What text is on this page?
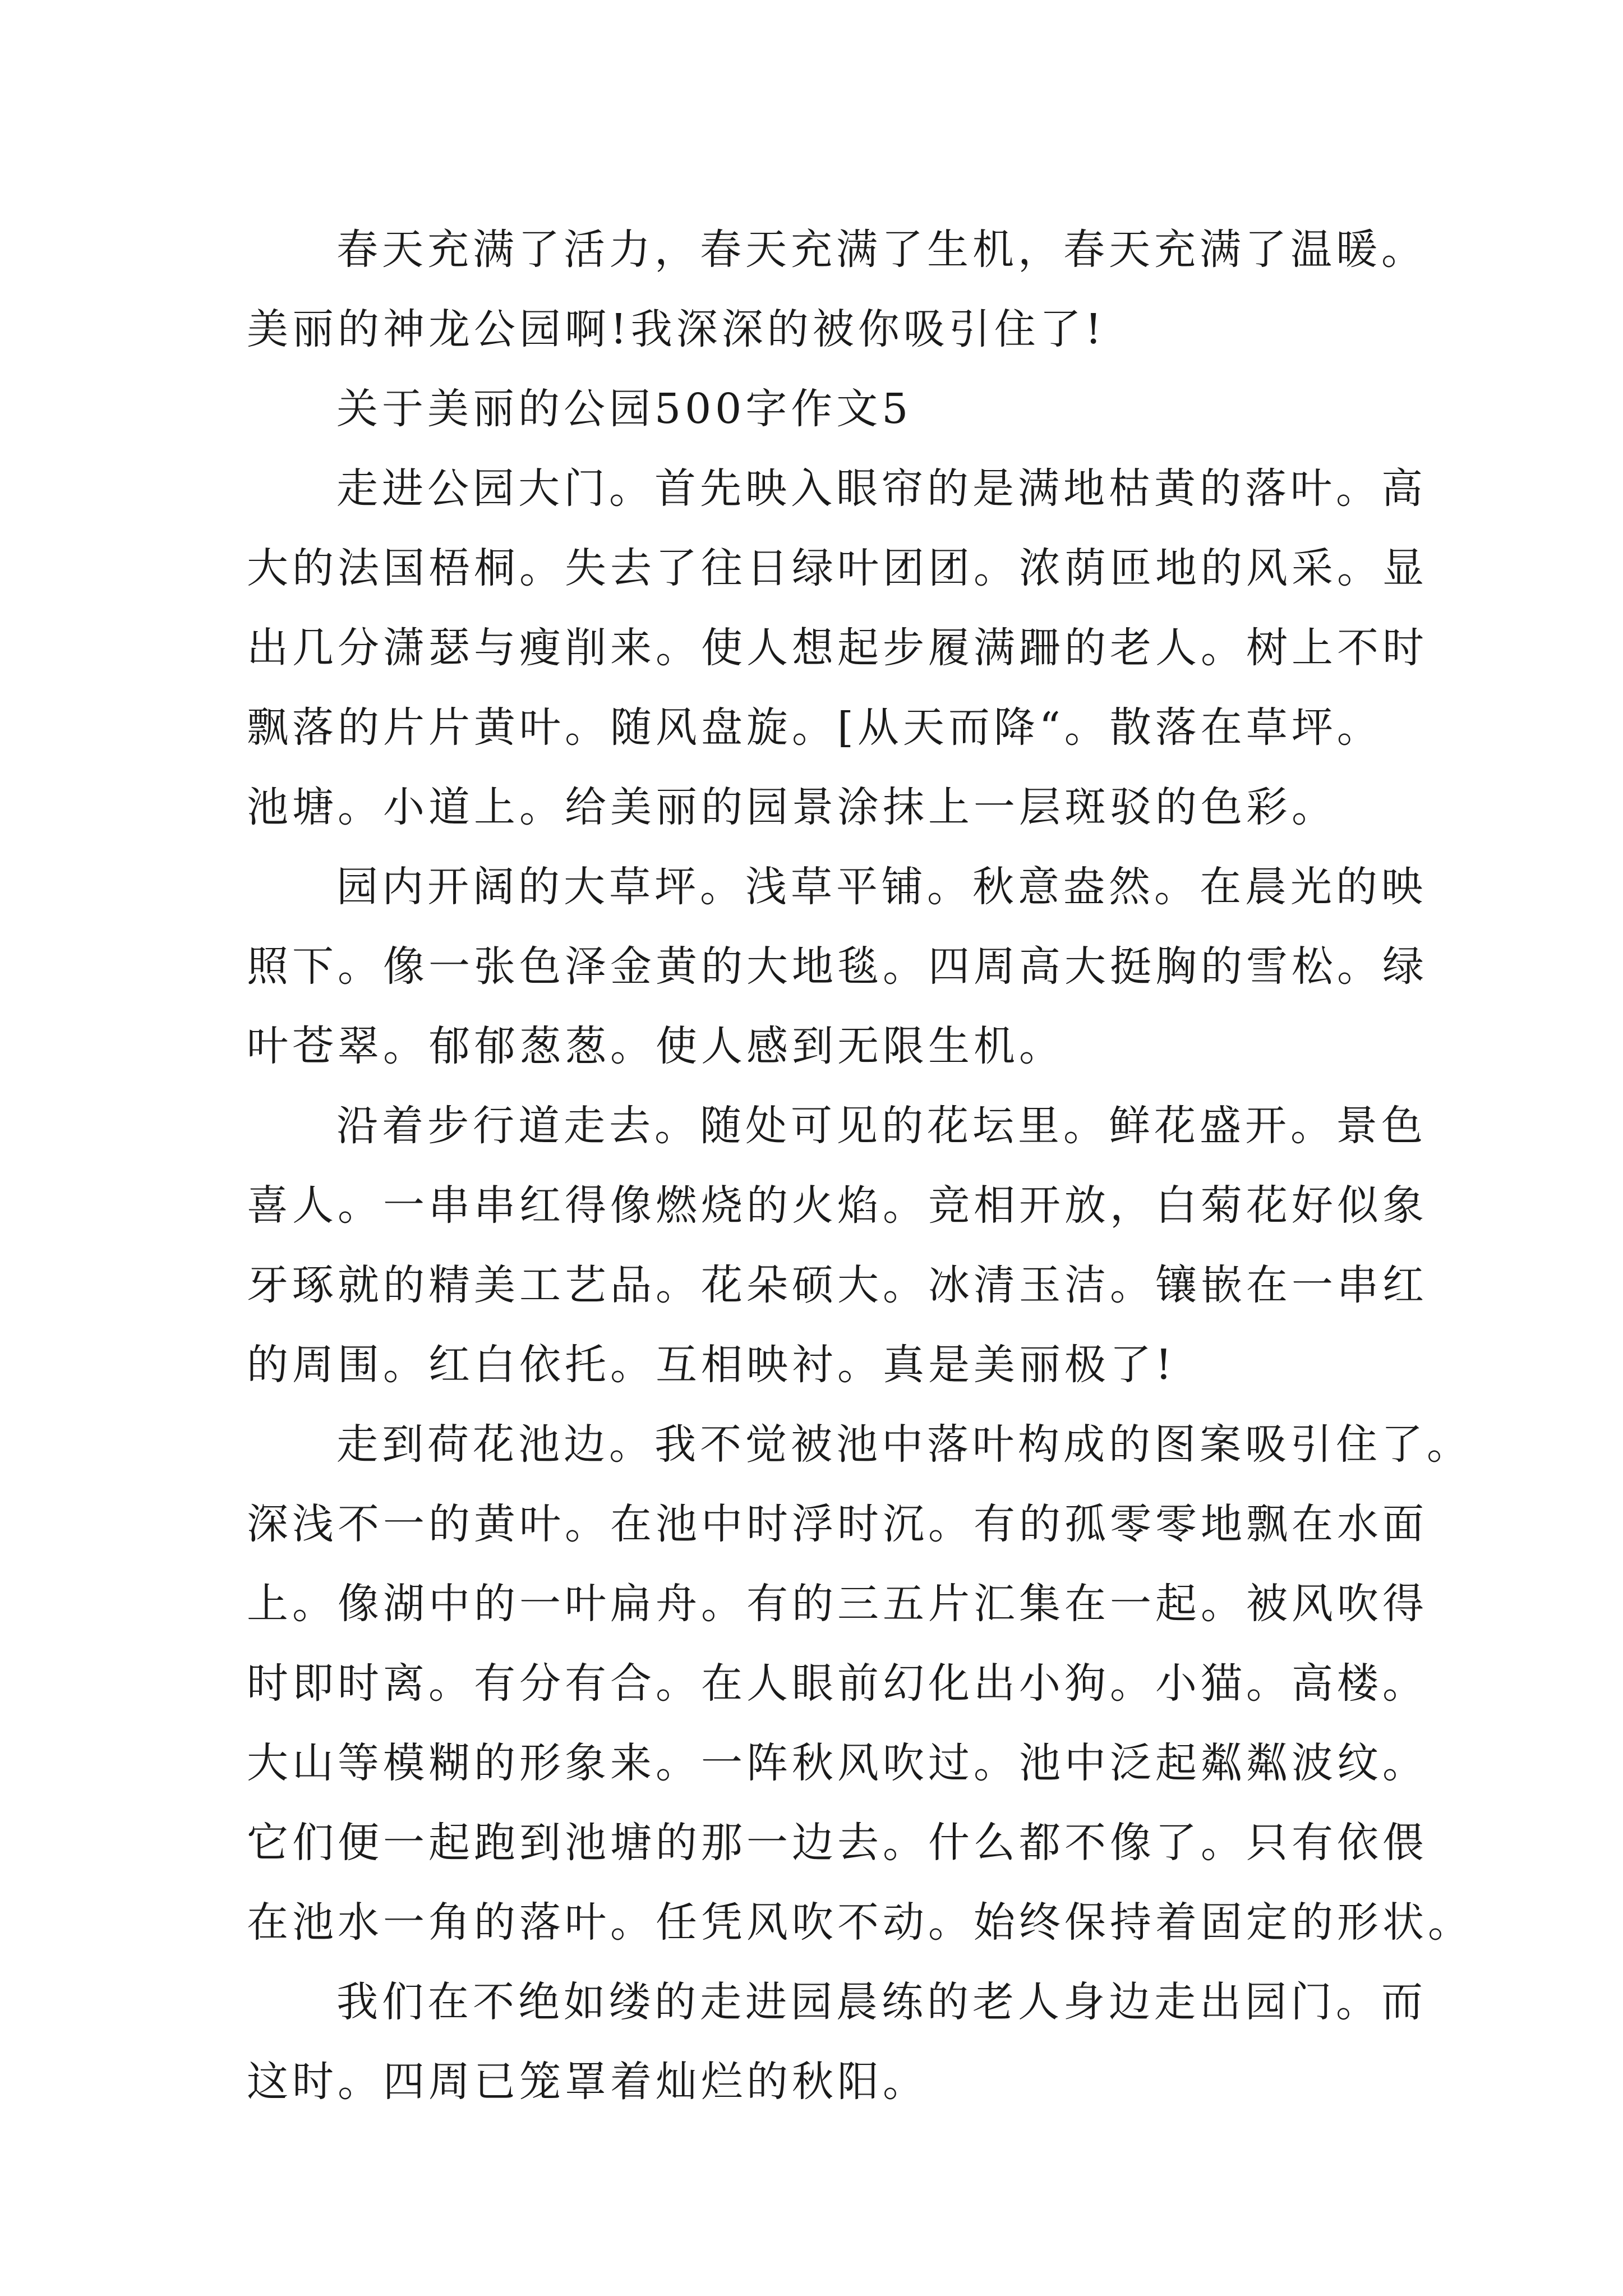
春天充满了活力，春天充满了生机，春天充满了温暖。
美丽的神龙公园啊!我深深的被你吸引住了!
关于美丽的公园500字作文5
走进公园大门。首先映入眼帘的是满地枯黄的落叶。高
大的法国梧桐。失去了往日绿叶团团。浓荫匝地的风采。显
出几分潇瑟与瘦削来。使人想起步履满跚的老人。树上不时
飘落的片片黄叶。随风盘旋。[从天而降“。散落在草坪。
池塘。小道上。给美丽的园景涂抹上一层斑驳的色彩。
园内开阔的大草坪。浅草平铺。秋意盎然。在晨光的映
照下。像一张色泽金黄的大地毯。四周高大挺胸的雪松。绿
叶苍翠。郁郁葱葱。使人感到无限生机。
沿着步行道走去。随处可见的花坛里。鲜花盛开。景色
喜人。一串串红得像燃烧的火焰。竞相开放，白菊花好似象
牙琢就的精美工艺品。花朵硕大。冰清玉洁。镶嵌在一串红
的周围。红白依托。互相映衬。真是美丽极了!
走到荷花池边。我不觉被池中落叶构成的图案吸引住了。
深浅不一的黄叶。在池中时浮时沉。有的孤零零地飘在水面
上。像湖中的一叶扁舟。有的三五片汇集在一起。被风吹得
时即时离。有分有合。在人眼前幻化出小狗。小猫。高楼。
大山等模糊的形象来。一阵秋风吹过。池中泛起粼粼波纹。
它们便一起跑到池塘的那一边去。什么都不像了。只有依偎
在池水一角的落叶。任凭风吹不动。始终保持着固定的形状。
我们在不绝如缕的走进园晨练的老人身边走出园门。而
这时。四周已笼罩着灿烂的秋阳。
